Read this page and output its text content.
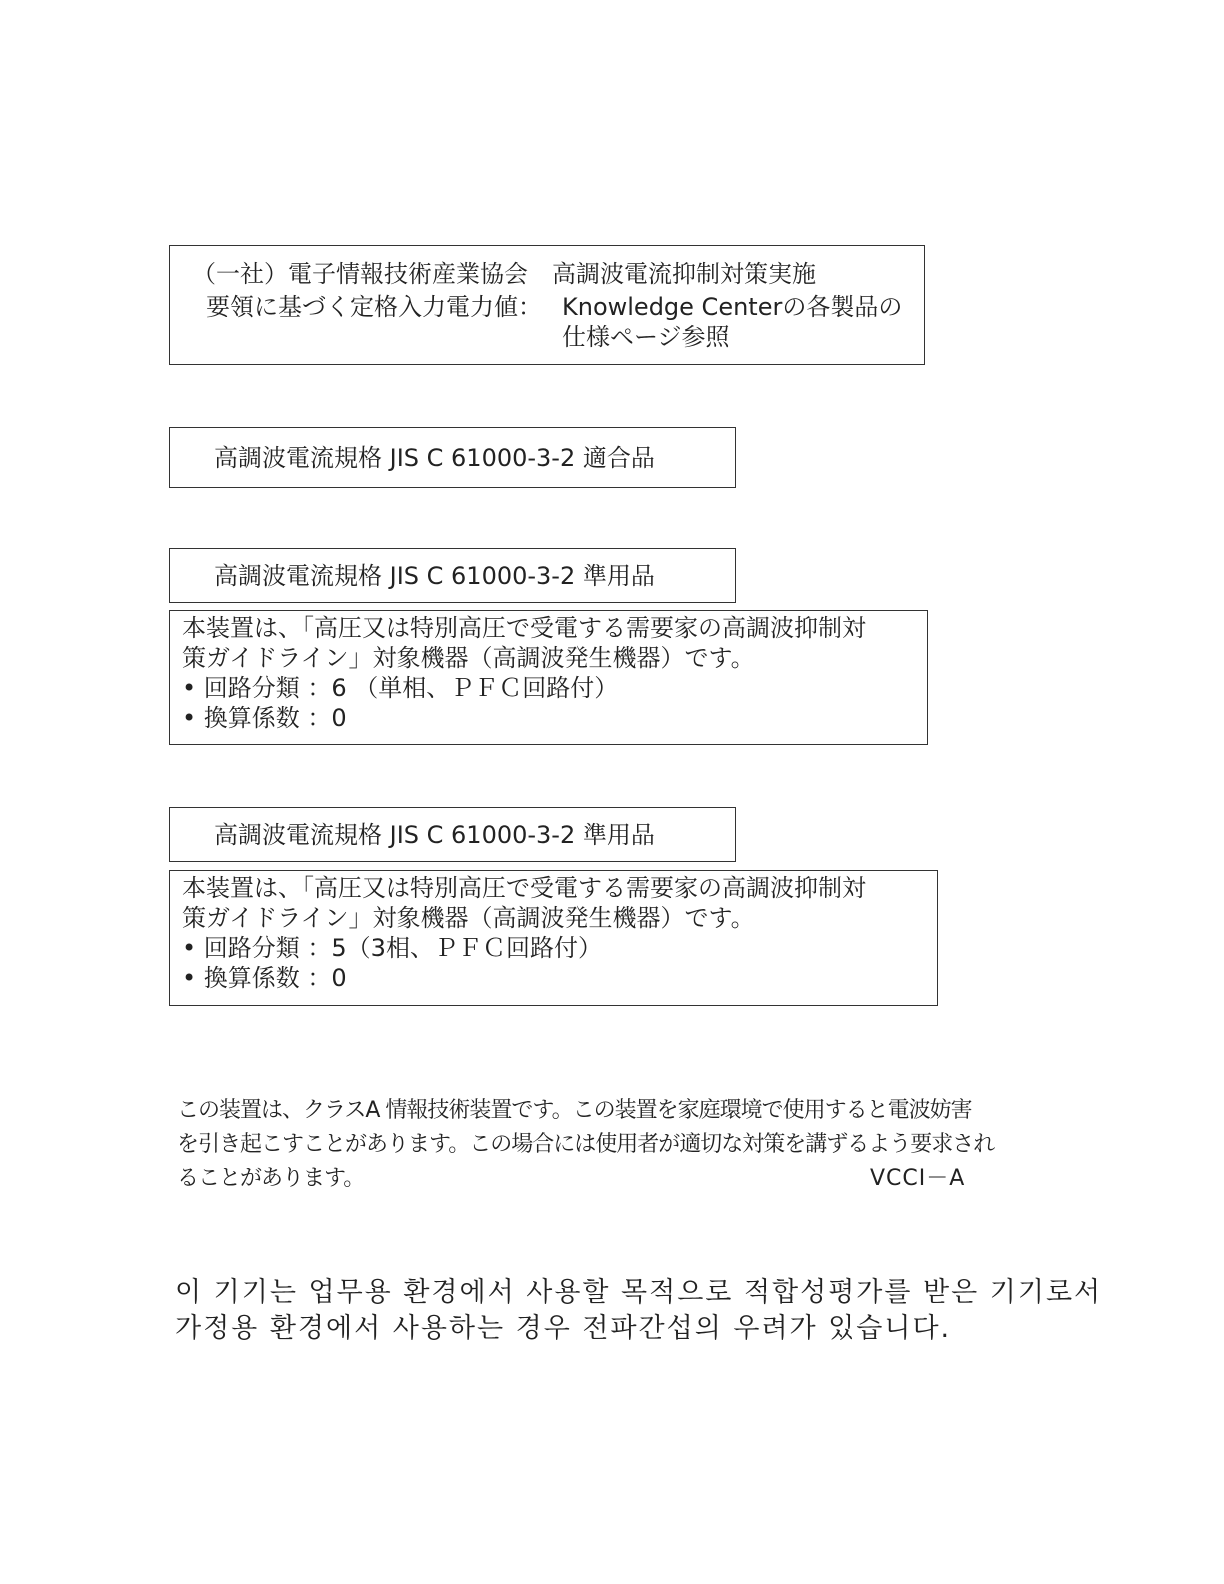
（一社）電子情報技術産業協会　高調波電流抑制対策実施
要領に基づく定格入力電力値： Knowledge Centerの各製品の
仕様ページ参照
高調波電流規格 JIS C 61000-3-2 適合品
高調波電流規格 JIS C 61000-3-2 準用品
本装置は、「高圧又は特別高圧で受電する需要家の高調波抑制対
策ガイドライン」対象機器（高調波発生機器）です。
• 回路分類 ：6 （単相、ＰＦＣ回路付）
• 換算係数 ：0
高調波電流規格 JIS C 61000-3-2 準用品
本装置は、「高圧又は特別高圧で受電する需要家の高調波抑制対
策ガイドライン」対象機器（高調波発生機器）です。
• 回路分類 ：5（3相、ＰＦＣ回路付）
• 換算係数 ：0
この装置は、クラスA 情報技術装置です。この装置を家庭環境で使用すると電波妨害
を引き起こすことがあります。この場合には使用者が適切な対策を講ずるよう要求され
ることがあります。	VCCI－A
이 기기는 업무용 환경에서 사용할 목적으로 적합성평가를 받은 기기로서
가정용 환경에서 사용하는 경우 전파간섭의 우려가 있습니다.
